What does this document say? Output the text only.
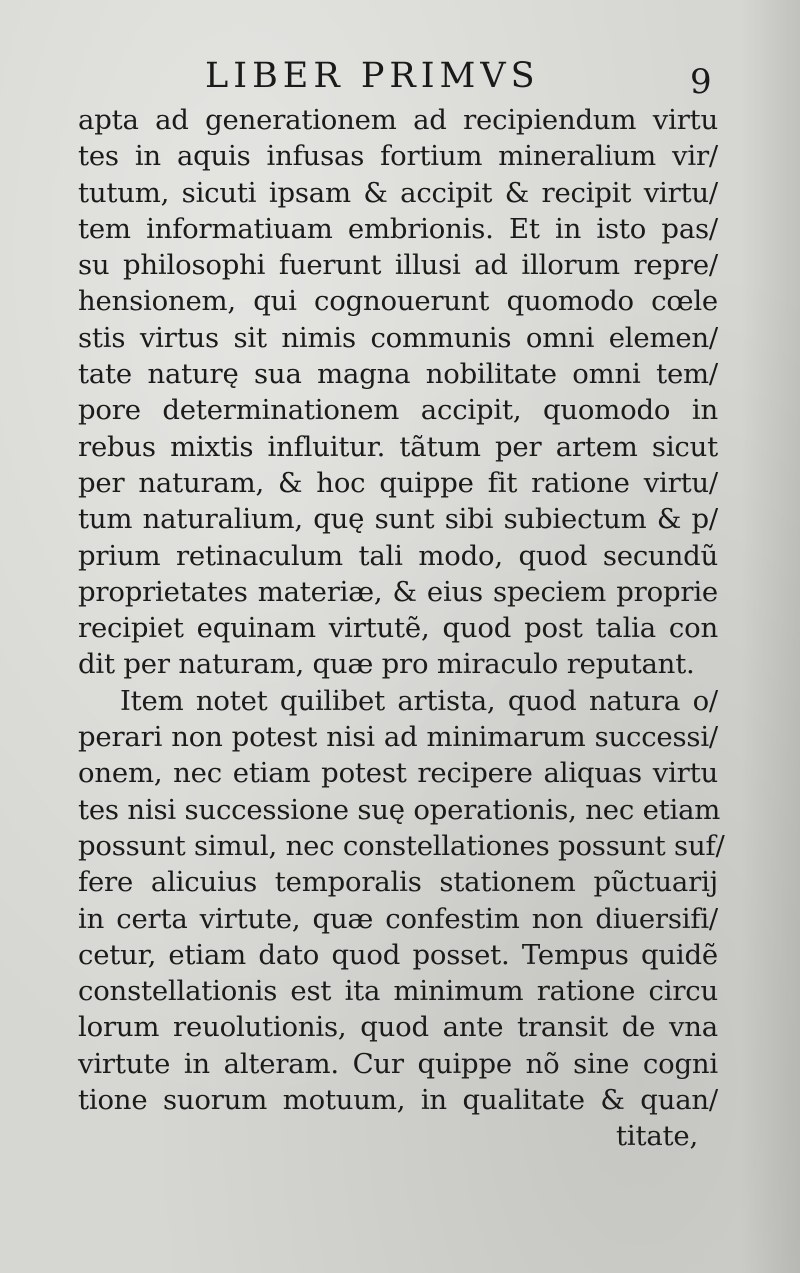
LIBER PRIMVS	9
apta ad generationem ad recipiendum virtu
tes in aquis infusas fortium mineralium vir/
tutum, sicuti ipsam & accipit & recipit virtu/
tem informatiuam embrionis. Et in isto pas/
su philosophi fuerunt illusi ad illorum repre/
hensionem, qui cognouerunt quomodo cœle
stis virtus sit nimis communis omni elemen/
tate naturę sua magna nobilitate omni tem/
pore determinationem accipit, quomodo in
rebus mixtis influitur. tãtum per artem sicut
per naturam, & hoc quippe fit ratione virtu/
tum naturalium, quę sunt sibi subiectum & p/
prium retinaculum tali modo, quod secundũ
proprietates materiæ, & eius speciem proprie
recipiet equinam virtutẽ, quod post talia con
dit per naturam, quæ pro miraculo reputant.
Item notet quilibet artista, quod natura o/
perari non potest nisi ad minimarum successi/
onem, nec etiam potest recipere aliquas virtu
tes nisi successione suę operationis, nec etiam
possunt simul, nec constellationes possunt suf/
fere alicuius temporalis stationem pũctuarij
in certa virtute, quæ confestim non diuersifi/
cetur, etiam dato quod posset. Tempus quidẽ
constellationis est ita minimum ratione circu
lorum reuolutionis, quod ante transit de vna
virtute in alteram. Cur quippe nõ sine cogni
tione suorum motuum, in qualitate & quan/
titate,
